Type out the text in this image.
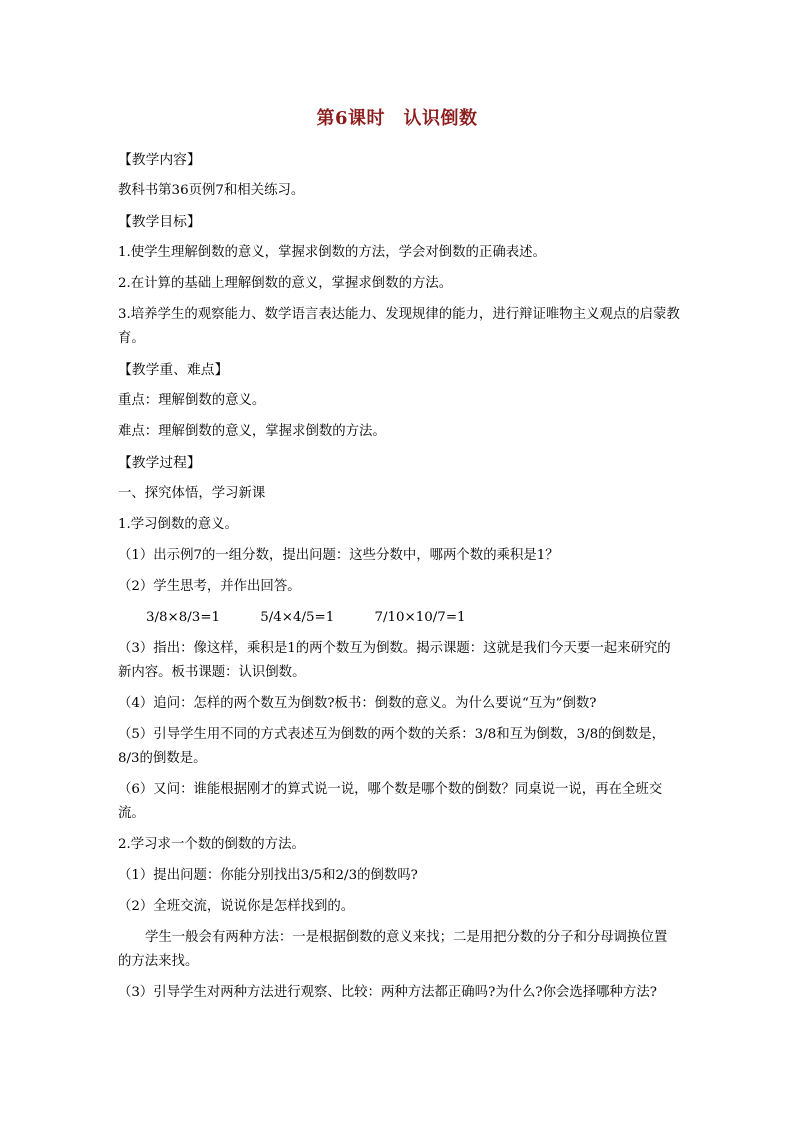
第6课时　认识倒数

【教学内容】

教科书第36页例7和相关练习。

【教学目标】

1.使学生理解倒数的意义，掌握求倒数的方法，学会对倒数的正确表述。

2.在计算的基础上理解倒数的意义，掌握求倒数的方法。

3.培养学生的观察能力、数学语言表达能力、发现规律的能力，进行辩证唯物主义观点的启蒙教育。

【教学重、难点】

重点：理解倒数的意义。

难点：理解倒数的意义，掌握求倒数的方法。

【教学过程】

一、探究体悟，学习新课

1.学习倒数的意义。

（1）出示例7的一组分数，提出问题：这些分数中，哪两个数的乘积是1？

（2）学生思考，并作出回答。

3/8×8/3=1　　　5/4×4/5=1　　　7/10×10/7=1

（3）指出：像这样，乘积是1的两个数互为倒数。揭示课题：这就是我们今天要一起来研究的新内容。板书课题：认识倒数。

（4）追问：怎样的两个数互为倒数?板书：倒数的意义。为什么要说“互为”倒数?

（5）引导学生用不同的方式表述互为倒数的两个数的关系：3/8和互为倒数，3/8的倒数是，8/3的倒数是。

（6）又问：谁能根据刚才的算式说一说，哪个数是哪个数的倒数？同桌说一说，再在全班交流。

2.学习求一个数的倒数的方法。

（1）提出问题：你能分别找出3/5和2/3的倒数吗?

（2）全班交流，说说你是怎样找到的。

学生一般会有两种方法：一是根据倒数的意义来找；二是用把分数的分子和分母调换位置的方法来找。

（3）引导学生对两种方法进行观察、比较：两种方法都正确吗?为什么?你会选择哪种方法?
